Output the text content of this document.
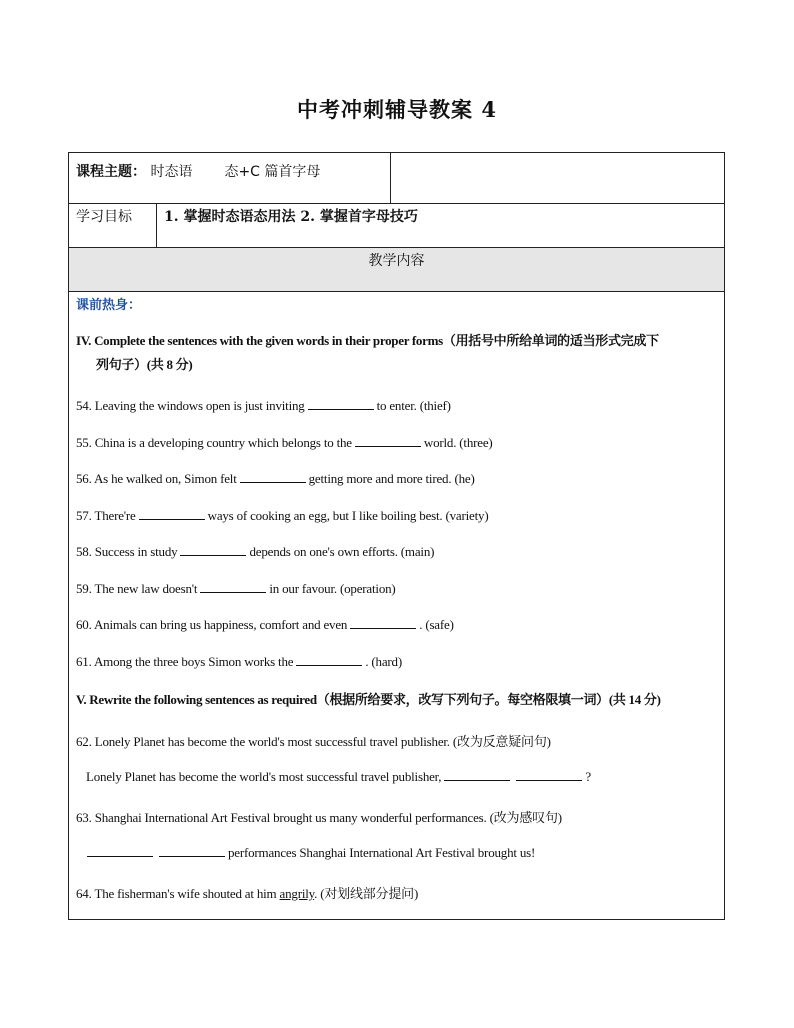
中考冲刺辅导教案 4
课程主题： 时态语 态+C 篇首字母
学习目标	1. 掌握时态语态用法 2. 掌握首字母技巧
教学内容
课前热身：
IV. Complete the sentences with the given words in their proper forms（用括号中所给单词的适当形式完成下
列句子）(共 8 分)
54. Leaving the windows open is just inviting	to enter. (thief)
55. China is a developing country which belongs to the	world. (three)
56. As he walked on, Simon felt	getting more and more tired. (he)
57. There're	ways of cooking an egg, but I like boiling best. (variety)
58. Success in study	depends on one's own efforts. (main)
59. The new law doesn't	in our favour. (operation)
60. Animals can bring us happiness, comfort and even	. (safe)
61. Among the three boys Simon works the	. (hard)
V. Rewrite the following sentences as required（根据所给要求，改写下列句子。每空格限填一词）(共 14 分)
62. Lonely Planet has become the world's most successful travel publisher. (改为反意疑问句)
Lonely Planet has become the world's most successful travel publisher,	?
63. Shanghai International Art Festival brought us many wonderful performances. (改为感叹句)
performances Shanghai International Art Festival brought us!
64. The fisherman's wife shouted at him angrily. (对划线部分提问)
